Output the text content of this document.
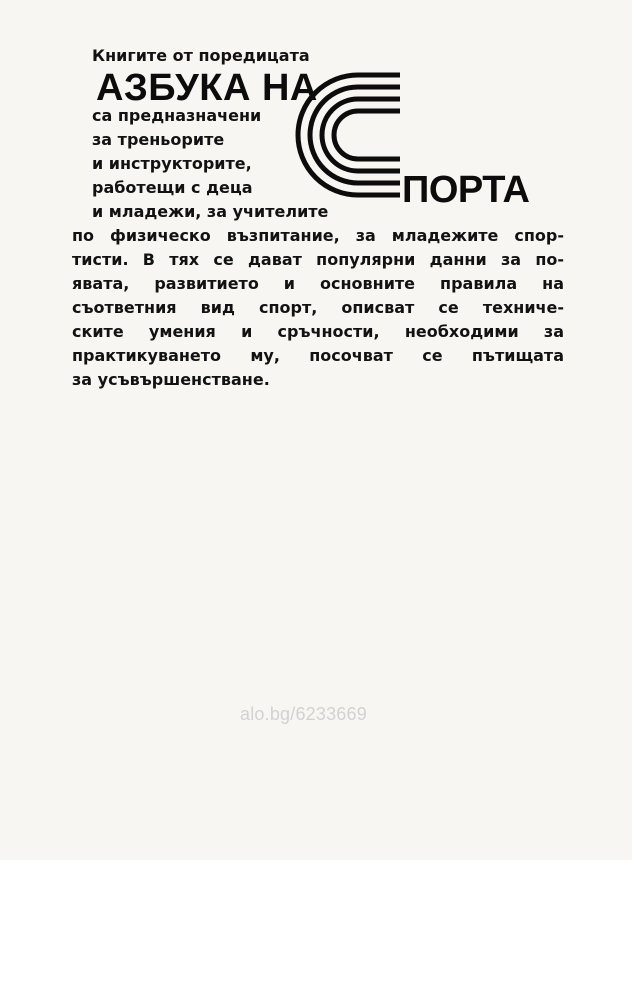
Книгите от поредицата

АЗБУКА НА

ПОРТА

са предназначени

за треньорите

и инструкторите,

работещи с деца

и младежи, за учителите

по физическо възпитание, за младежите спор-

тисти. В тях се дават популярни данни за по-

явата, развитието и основните правила на

съответния вид спорт, описват се техниче-

ските умения и сръчности, необходими за

практикуването му, посочват се пътищата

за усъвършенстване.

alo.bg/6233669
